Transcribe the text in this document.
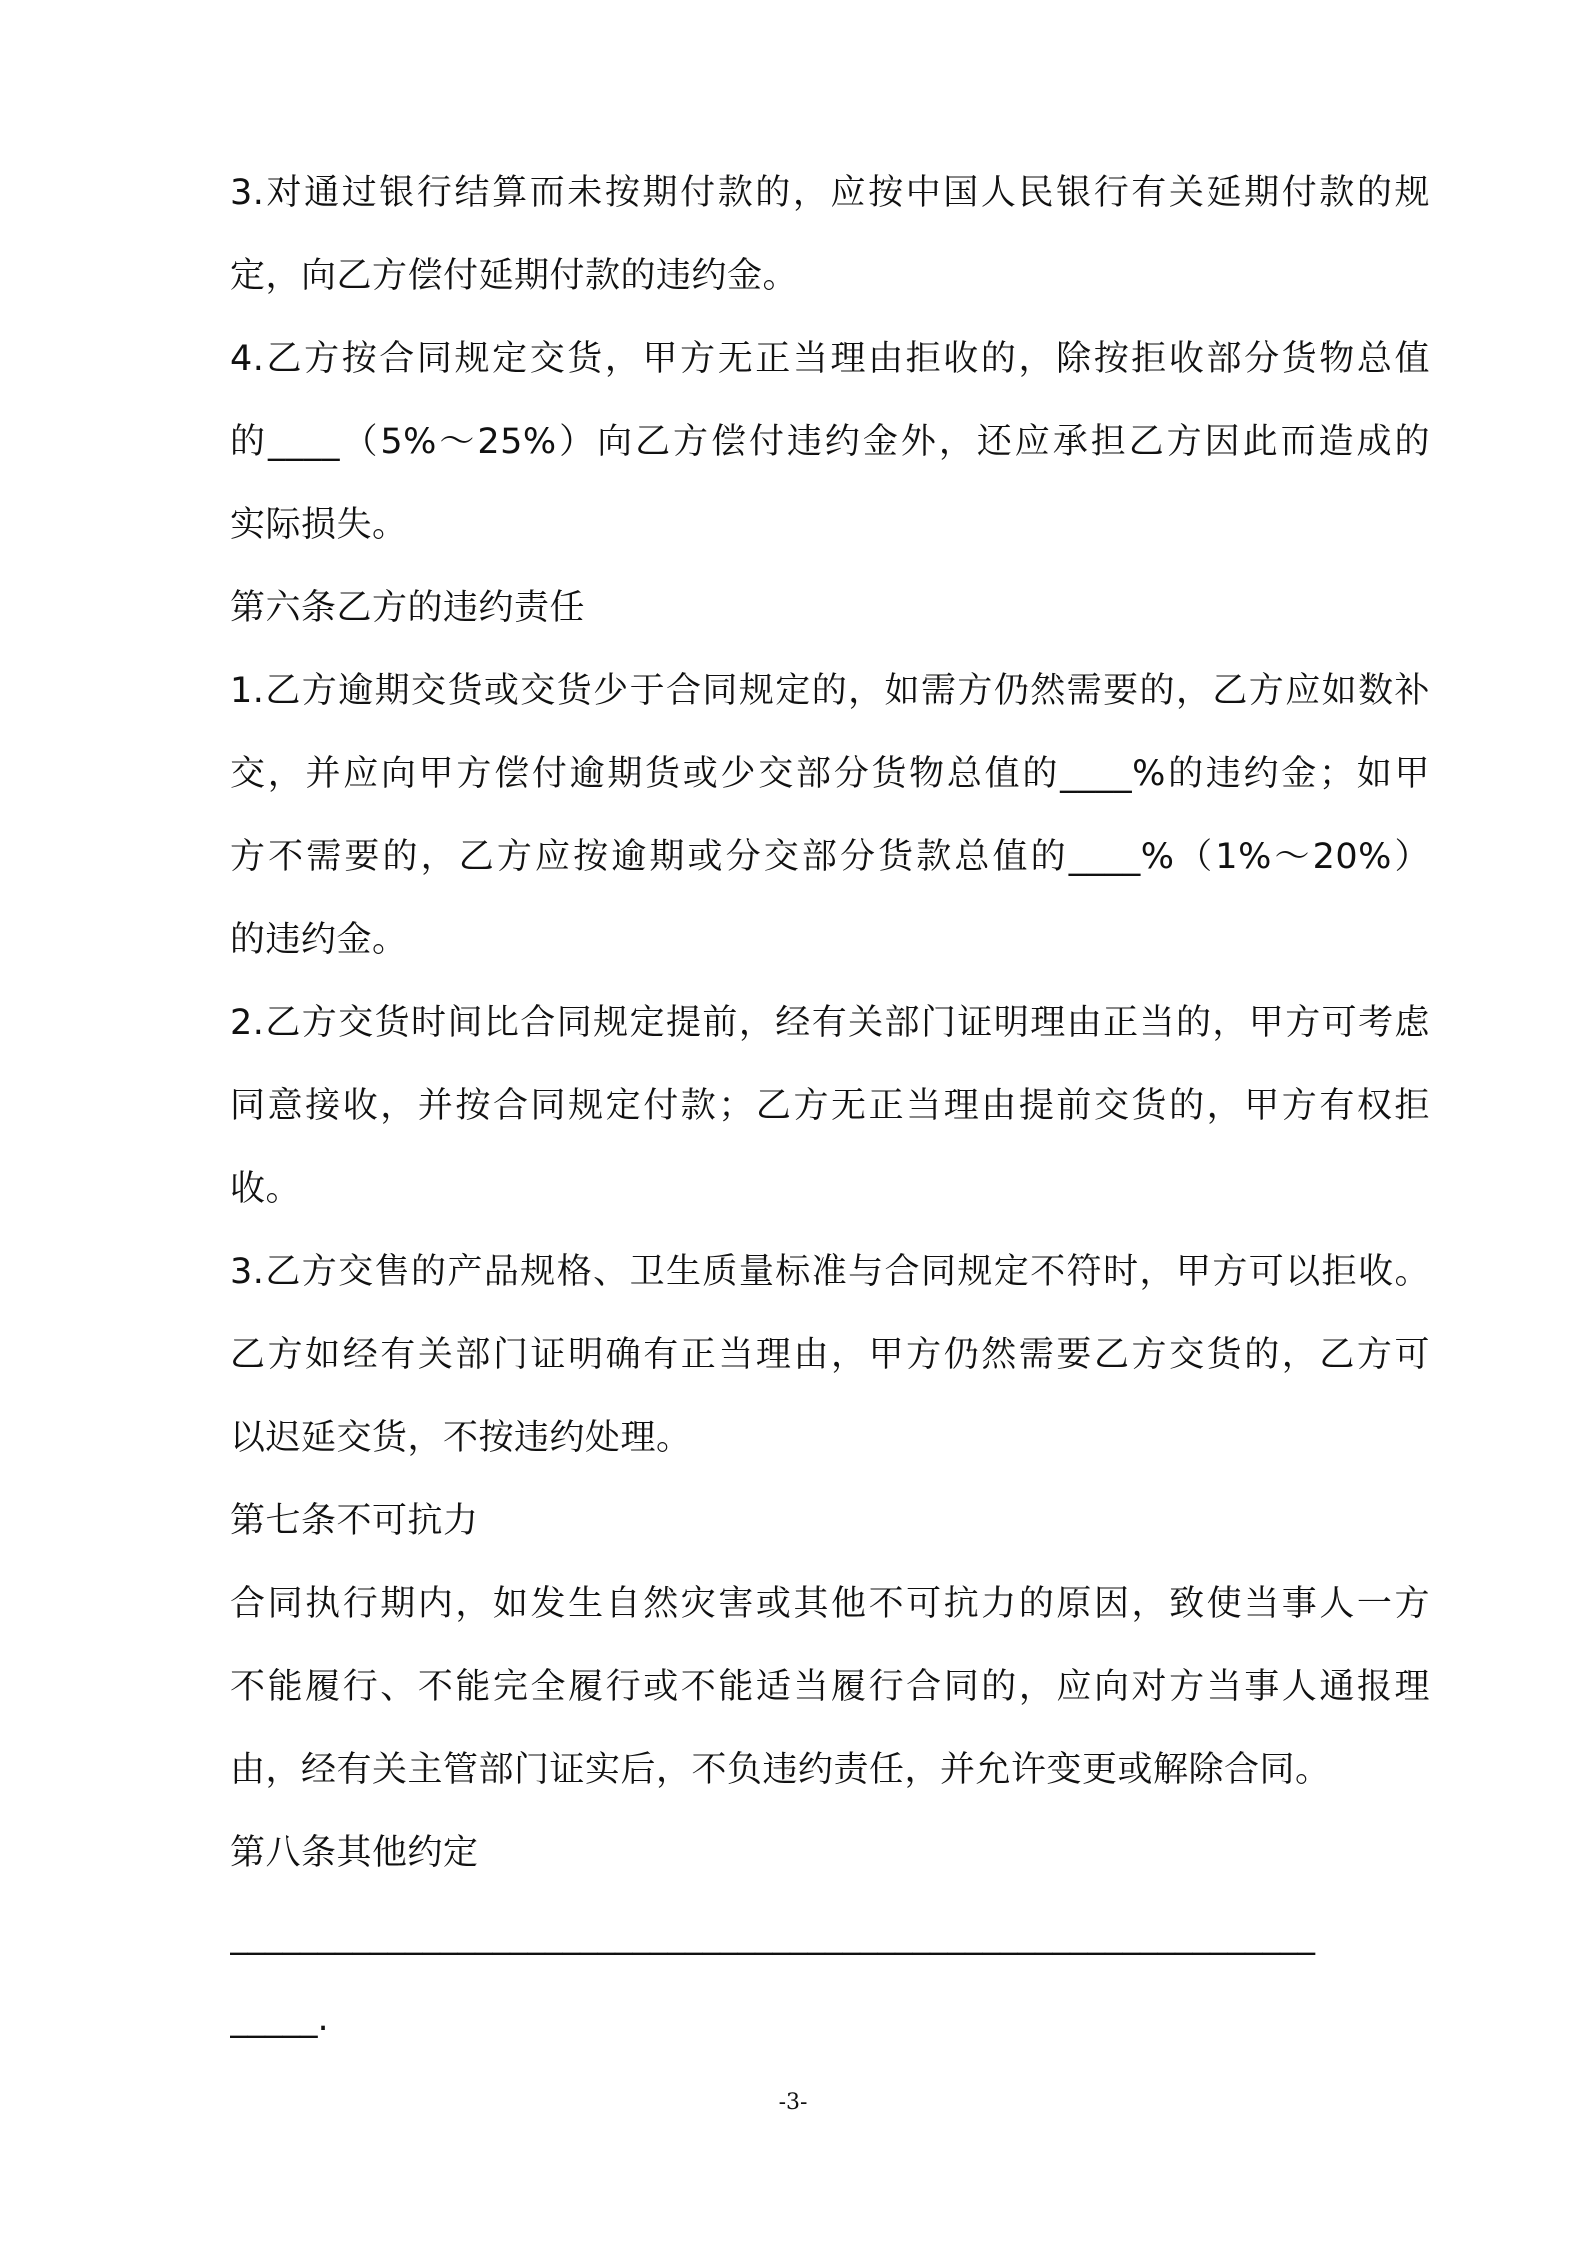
3.对通过银行结算而未按期付款的，应按中国人民银行有关延期付款的规
定，向乙方偿付延期付款的违约金。
4.乙方按合同规定交货，甲方无正当理由拒收的，除按拒收部分货物总值
的____（5%～25%）向乙方偿付违约金外，还应承担乙方因此而造成的
实际损失。
第六条乙方的违约责任
1.乙方逾期交货或交货少于合同规定的，如需方仍然需要的，乙方应如数补
交，并应向甲方偿付逾期货或少交部分货物总值的____%的违约金；如甲
方不需要的，乙方应按逾期或分交部分货款总值的____%（1%～20%）
的违约金。
2.乙方交货时间比合同规定提前，经有关部门证明理由正当的，甲方可考虑
同意接收，并按合同规定付款；乙方无正当理由提前交货的，甲方有权拒
收。
3.乙方交售的产品规格、卫生质量标准与合同规定不符时，甲方可以拒收。
乙方如经有关部门证明确有正当理由，甲方仍然需要乙方交货的，乙方可
以迟延交货，不按违约处理。
第七条不可抗力
合同执行期内，如发生自然灾害或其他不可抗力的原因，致使当事人一方
不能履行、不能完全履行或不能适当履行合同的，应向对方当事人通报理
由，经有关主管部门证实后，不负违约责任，并允许变更或解除合同。
第八条其他约定
______________________________________________________________
_____.
-3-
